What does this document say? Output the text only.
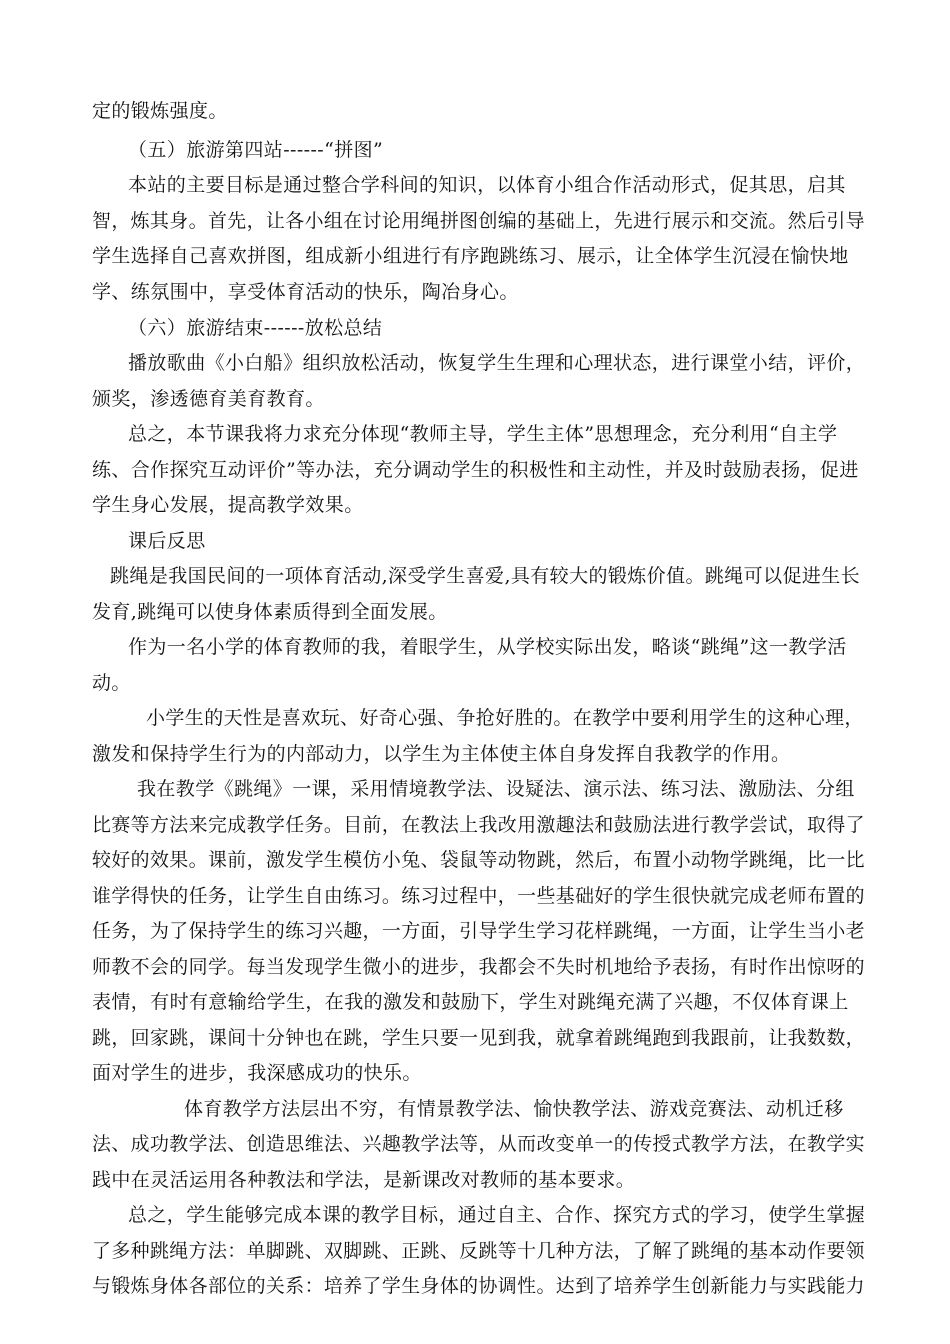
定的锻炼强度。
（五）旅游第四站------“拼图”
本站的主要目标是通过整合学科间的知识，以体育小组合作活动形式，促其思，启其
智，炼其身。首先，让各小组在讨论用绳拼图创编的基础上，先进行展示和交流。然后引导
学生选择自己喜欢拼图，组成新小组进行有序跑跳练习、展示，让全体学生沉浸在愉快地
学、练氛围中，享受体育活动的快乐，陶冶身心。
（六）旅游结束------放松总结
播放歌曲《小白船》组织放松活动，恢复学生生理和心理状态，进行课堂小结，评价，
颁奖，渗透德育美育教育。
总之，本节课我将力求充分体现“教师主导，学生主体”思想理念，充分利用“自主学
练、合作探究互动评价”等办法，充分调动学生的积极性和主动性，并及时鼓励表扬，促进
学生身心发展，提高教学效果。
课后反思
跳绳是我国民间的一项体育活动,深受学生喜爱,具有较大的锻炼价值。跳绳可以促进生长
发育,跳绳可以使身体素质得到全面发展。
作为一名小学的体育教师的我，着眼学生，从学校实际出发，略谈“跳绳”这一教学活
动。
小学生的天性是喜欢玩、好奇心强、争抢好胜的。在教学中要利用学生的这种心理，
激发和保持学生行为的内部动力，以学生为主体使主体自身发挥自我教学的作用。
我在教学《跳绳》一课，采用情境教学法、设疑法、演示法、练习法、激励法、分组
比赛等方法来完成教学任务。目前，在教法上我改用激趣法和鼓励法进行教学尝试，取得了
较好的效果。课前，激发学生模仿小兔、袋鼠等动物跳，然后，布置小动物学跳绳，比一比
谁学得快的任务，让学生自由练习。练习过程中，一些基础好的学生很快就完成老师布置的
任务，为了保持学生的练习兴趣，一方面，引导学生学习花样跳绳，一方面，让学生当小老
师教不会的同学。每当发现学生微小的进步，我都会不失时机地给予表扬，有时作出惊呀的
表情，有时有意输给学生，在我的激发和鼓励下，学生对跳绳充满了兴趣，不仅体育课上
跳，回家跳，课间十分钟也在跳，学生只要一见到我，就拿着跳绳跑到我跟前，让我数数，
面对学生的进步，我深感成功的快乐。
体育教学方法层出不穷，有情景教学法、愉快教学法、游戏竞赛法、动机迁移
法、成功教学法、创造思维法、兴趣教学法等，从而改变单一的传授式教学方法，在教学实
践中在灵活运用各种教法和学法，是新课改对教师的基本要求。
总之，学生能够完成本课的教学目标，通过自主、合作、探究方式的学习，使学生掌握
了多种跳绳方法：单脚跳、双脚跳、正跳、反跳等十几种方法，了解了跳绳的基本动作要领
与锻炼身体各部位的关系：培养了学生身体的协调性。达到了培养学生创新能力与实践能力
